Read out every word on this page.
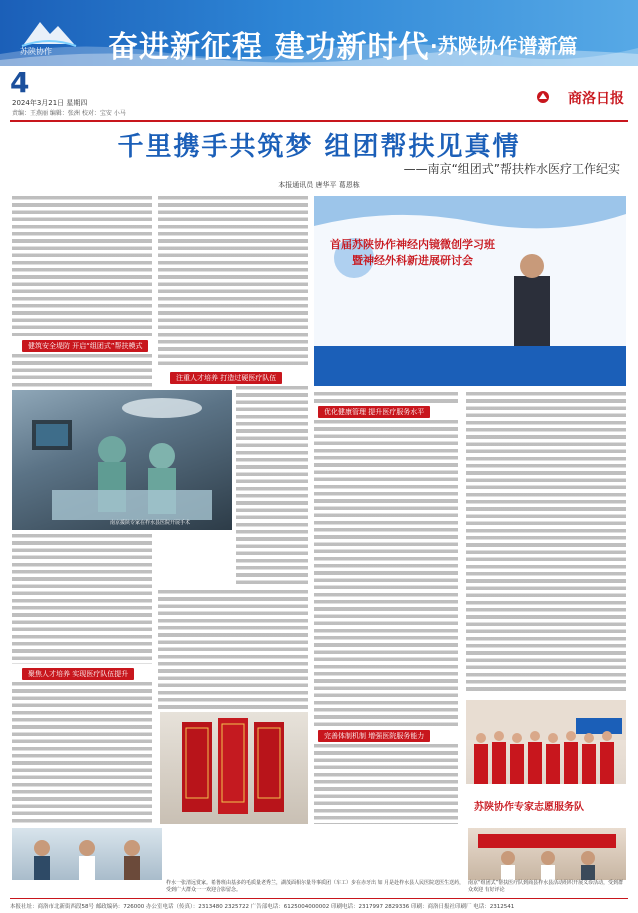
苏陕协作 奋进新征程 建功新时代 ·苏陕协作谱新篇
4
2024年3月21日 星期四
责编：王燕丽 编辑：张洲 校对：宝安 小马
商洛日报
千里携手共筑梦 组团帮扶见真情
——南京“组团式”帮扶柞水医疗工作纪实
本报通讯员 唐华平 葛恩栋
健筑安全堤防 开启“组团式”帮扶模式
注重人才培养 打造过硬医疗队伍
南京援陕专家在柞水县医院开展手术
聚焦人才培养 实现医疗队伍提升
首届苏陕协作神经内镜微创学习班
暨神经外科新进展研讨会
优化健康管理 提升医疗服务水平
完善体制机制 增强医院服务能力
苏陕协作专家志愿服务队
柞水一张清远赏家。希鲁班由基多的毛质量老秀兰，湖茂面相尔量导事质团（车工）步在赤牙出 如 月是赴柞水县人民医院送医生送药，受到广大群众一一欢迎合影留念。
南京“组团式”帮扶医疗队到商县柞水县活动组织开展义诊活动，受到群众欢迎 有好评论
本报社址：商洛市北新街西段58号 邮政编码：726000 办公室电话（传真）：2313480 2325722 广告部电话：6125004000002 印刷电话：2317997 2829336 印刷：商洛日报社印刷厂 电话：2312541
